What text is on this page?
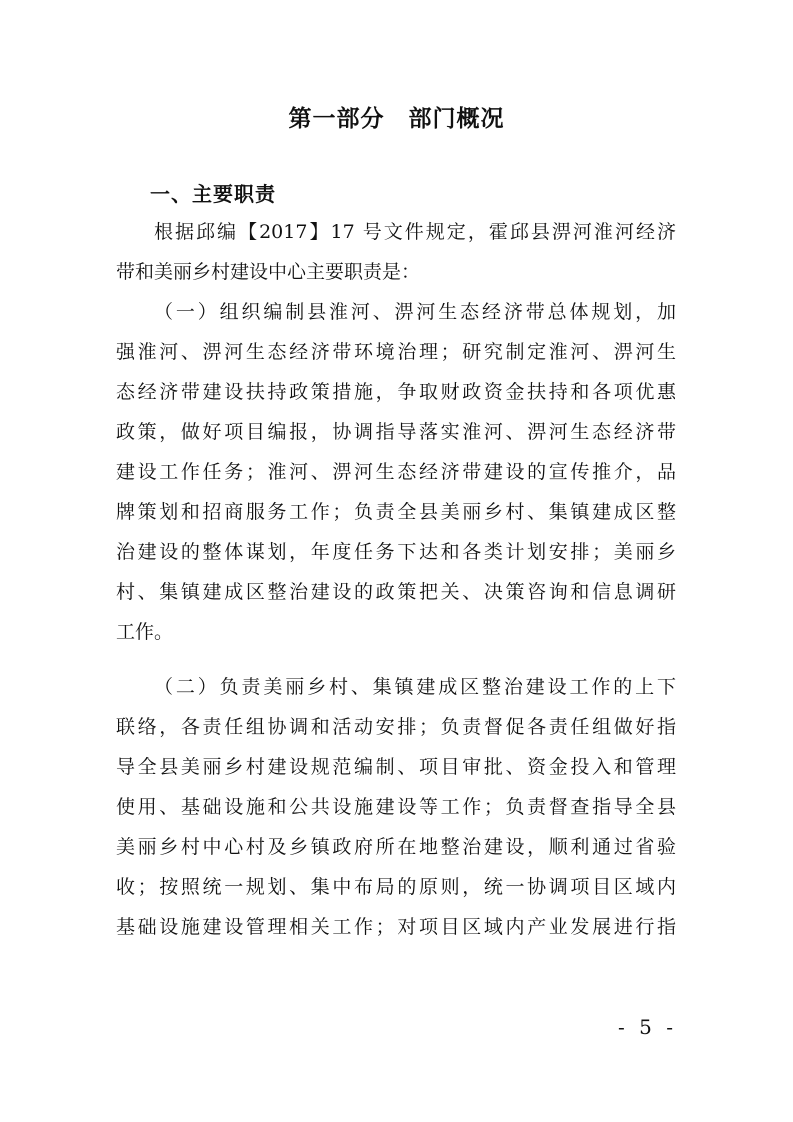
第一部分　部门概况
一、主要职责
根据邱编【2017】17 号文件规定，霍邱县淠河淮河经济
带和美丽乡村建设中心主要职责是：
（一）组织编制县淮河、淠河生态经济带总体规划，加
强淮河、淠河生态经济带环境治理；研究制定淮河、淠河生
态经济带建设扶持政策措施，争取财政资金扶持和各项优惠
政策，做好项目编报，协调指导落实淮河、淠河生态经济带
建设工作任务；淮河、淠河生态经济带建设的宣传推介，品
牌策划和招商服务工作；负责全县美丽乡村、集镇建成区整
治建设的整体谋划，年度任务下达和各类计划安排；美丽乡
村、集镇建成区整治建设的政策把关、决策咨询和信息调研
工作。
（二）负责美丽乡村、集镇建成区整治建设工作的上下
联络，各责任组协调和活动安排；负责督促各责任组做好指
导全县美丽乡村建设规范编制、项目审批、资金投入和管理
使用、基础设施和公共设施建设等工作；负责督查指导全县
美丽乡村中心村及乡镇政府所在地整治建设，顺利通过省验
收；按照统一规划、集中布局的原则，统一协调项目区域内
基础设施建设管理相关工作；对项目区域内产业发展进行指
- 5 -
